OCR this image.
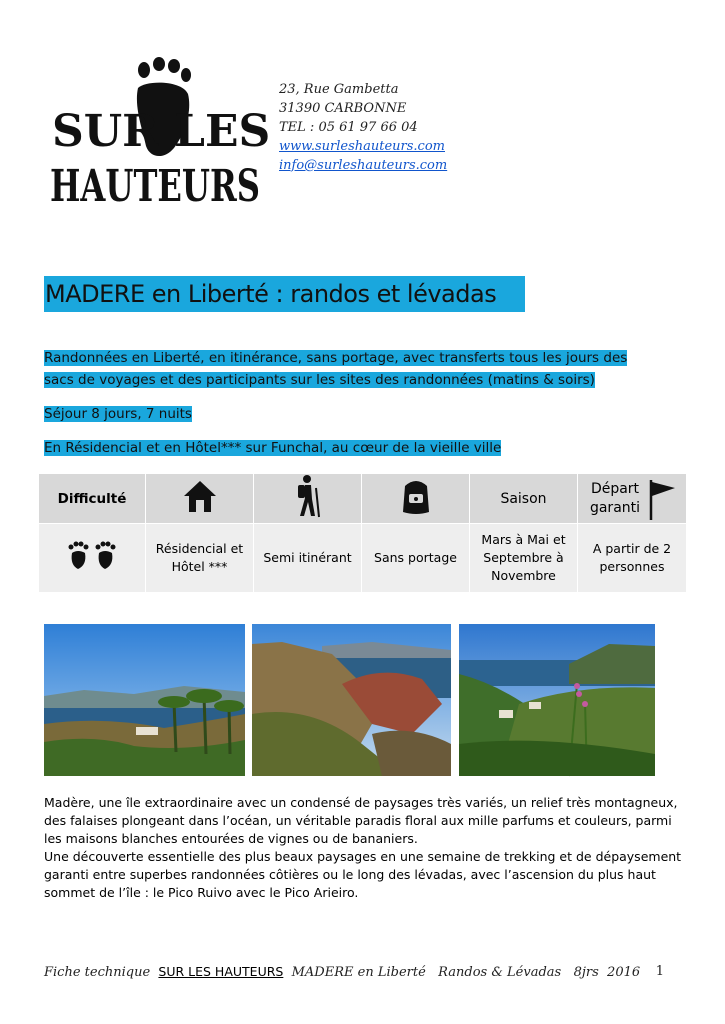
SUR LES
HAUTEURS
23, Rue Gambetta
31390 CARBONNE
TEL : 05 61 97 66 04
www.surleshauteurs.com
info@surleshauteurs.com
MADERE en Liberté : randos et lévadas
Randonnées en Liberté, en itinérance, sans portage, avec transferts tous les jours des
sacs de voyages et des participants sur les sites des randonnées (matins & soirs)
Séjour 8 jours, 7 nuits
En Résidencial et en Hôtel*** sur Funchal, au cœur de la vieille ville
Difficulté				Saison	Départ garanti

	Résidencial et Hôtel ***	Semi itinérant	Sans portage	Mars à Mai et Septembre à Novembre	A partir de 2 personnes
Madère, une île extraordinaire avec un condensé de paysages très variés, un relief très montagneux, des falaises plongeant dans l’océan, un véritable paradis floral aux mille parfums et couleurs, parmi les maisons blanches entourées de vignes ou de bananiers.
Une découverte essentielle des plus beaux paysages en une semaine de trekking et de dépaysement garanti entre superbes randonnées côtières ou le long des lévadas, avec l’ascension du plus haut sommet de l’île : le Pico Ruivo avec le Pico Arieiro.
Fiche technique SUR LES HAUTEURS MADERE en Liberté   Randos & Lévadas   8jrs  2016 1
